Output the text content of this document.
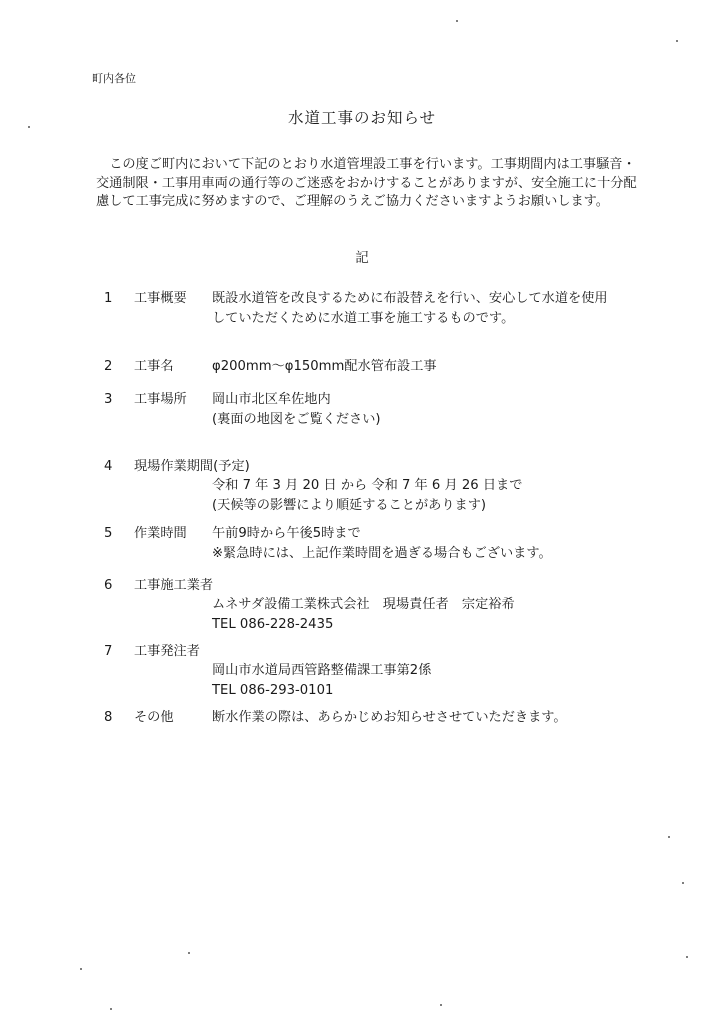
町内各位
水道工事のお知らせ

この度ご町内において下記のとおり水道管埋設工事を行います。工事期間内は工事騒音・交通制限・工事用車両の通行等のご迷惑をおかけすることがありますが、安全施工に十分配慮して工事完成に努めますので、ご理解のうえご協力くださいますようお願いします。

記
1 工事概要 既設水道管を改良するために布設替えを行い、安心して水道を使用していただくために水道工事を施工するものです。
2 工事名	φ200mm～φ150mm配水管布設工事
3 工事場所 岡山市北区牟佐地内
(裏面の地図をご覧ください)
4 現場作業期間(予定)
令和 7 年 3 月 20 日 から 令和 7 年 6 月 26 日まで
(天候等の影響により順延することがあります)
5 作業時間 午前9時から午後5時まで
※緊急時には、上記作業時間を過ぎる場合もございます。
6 工事施工業者
ムネサダ設備工業株式会社　現場責任者　宗定裕希
TEL 086-228-2435
7 工事発注者
岡山市水道局西管路整備課工事第2係
TEL 086-293-0101
8 その他	断水作業の際は、あらかじめお知らせさせていただきます。
